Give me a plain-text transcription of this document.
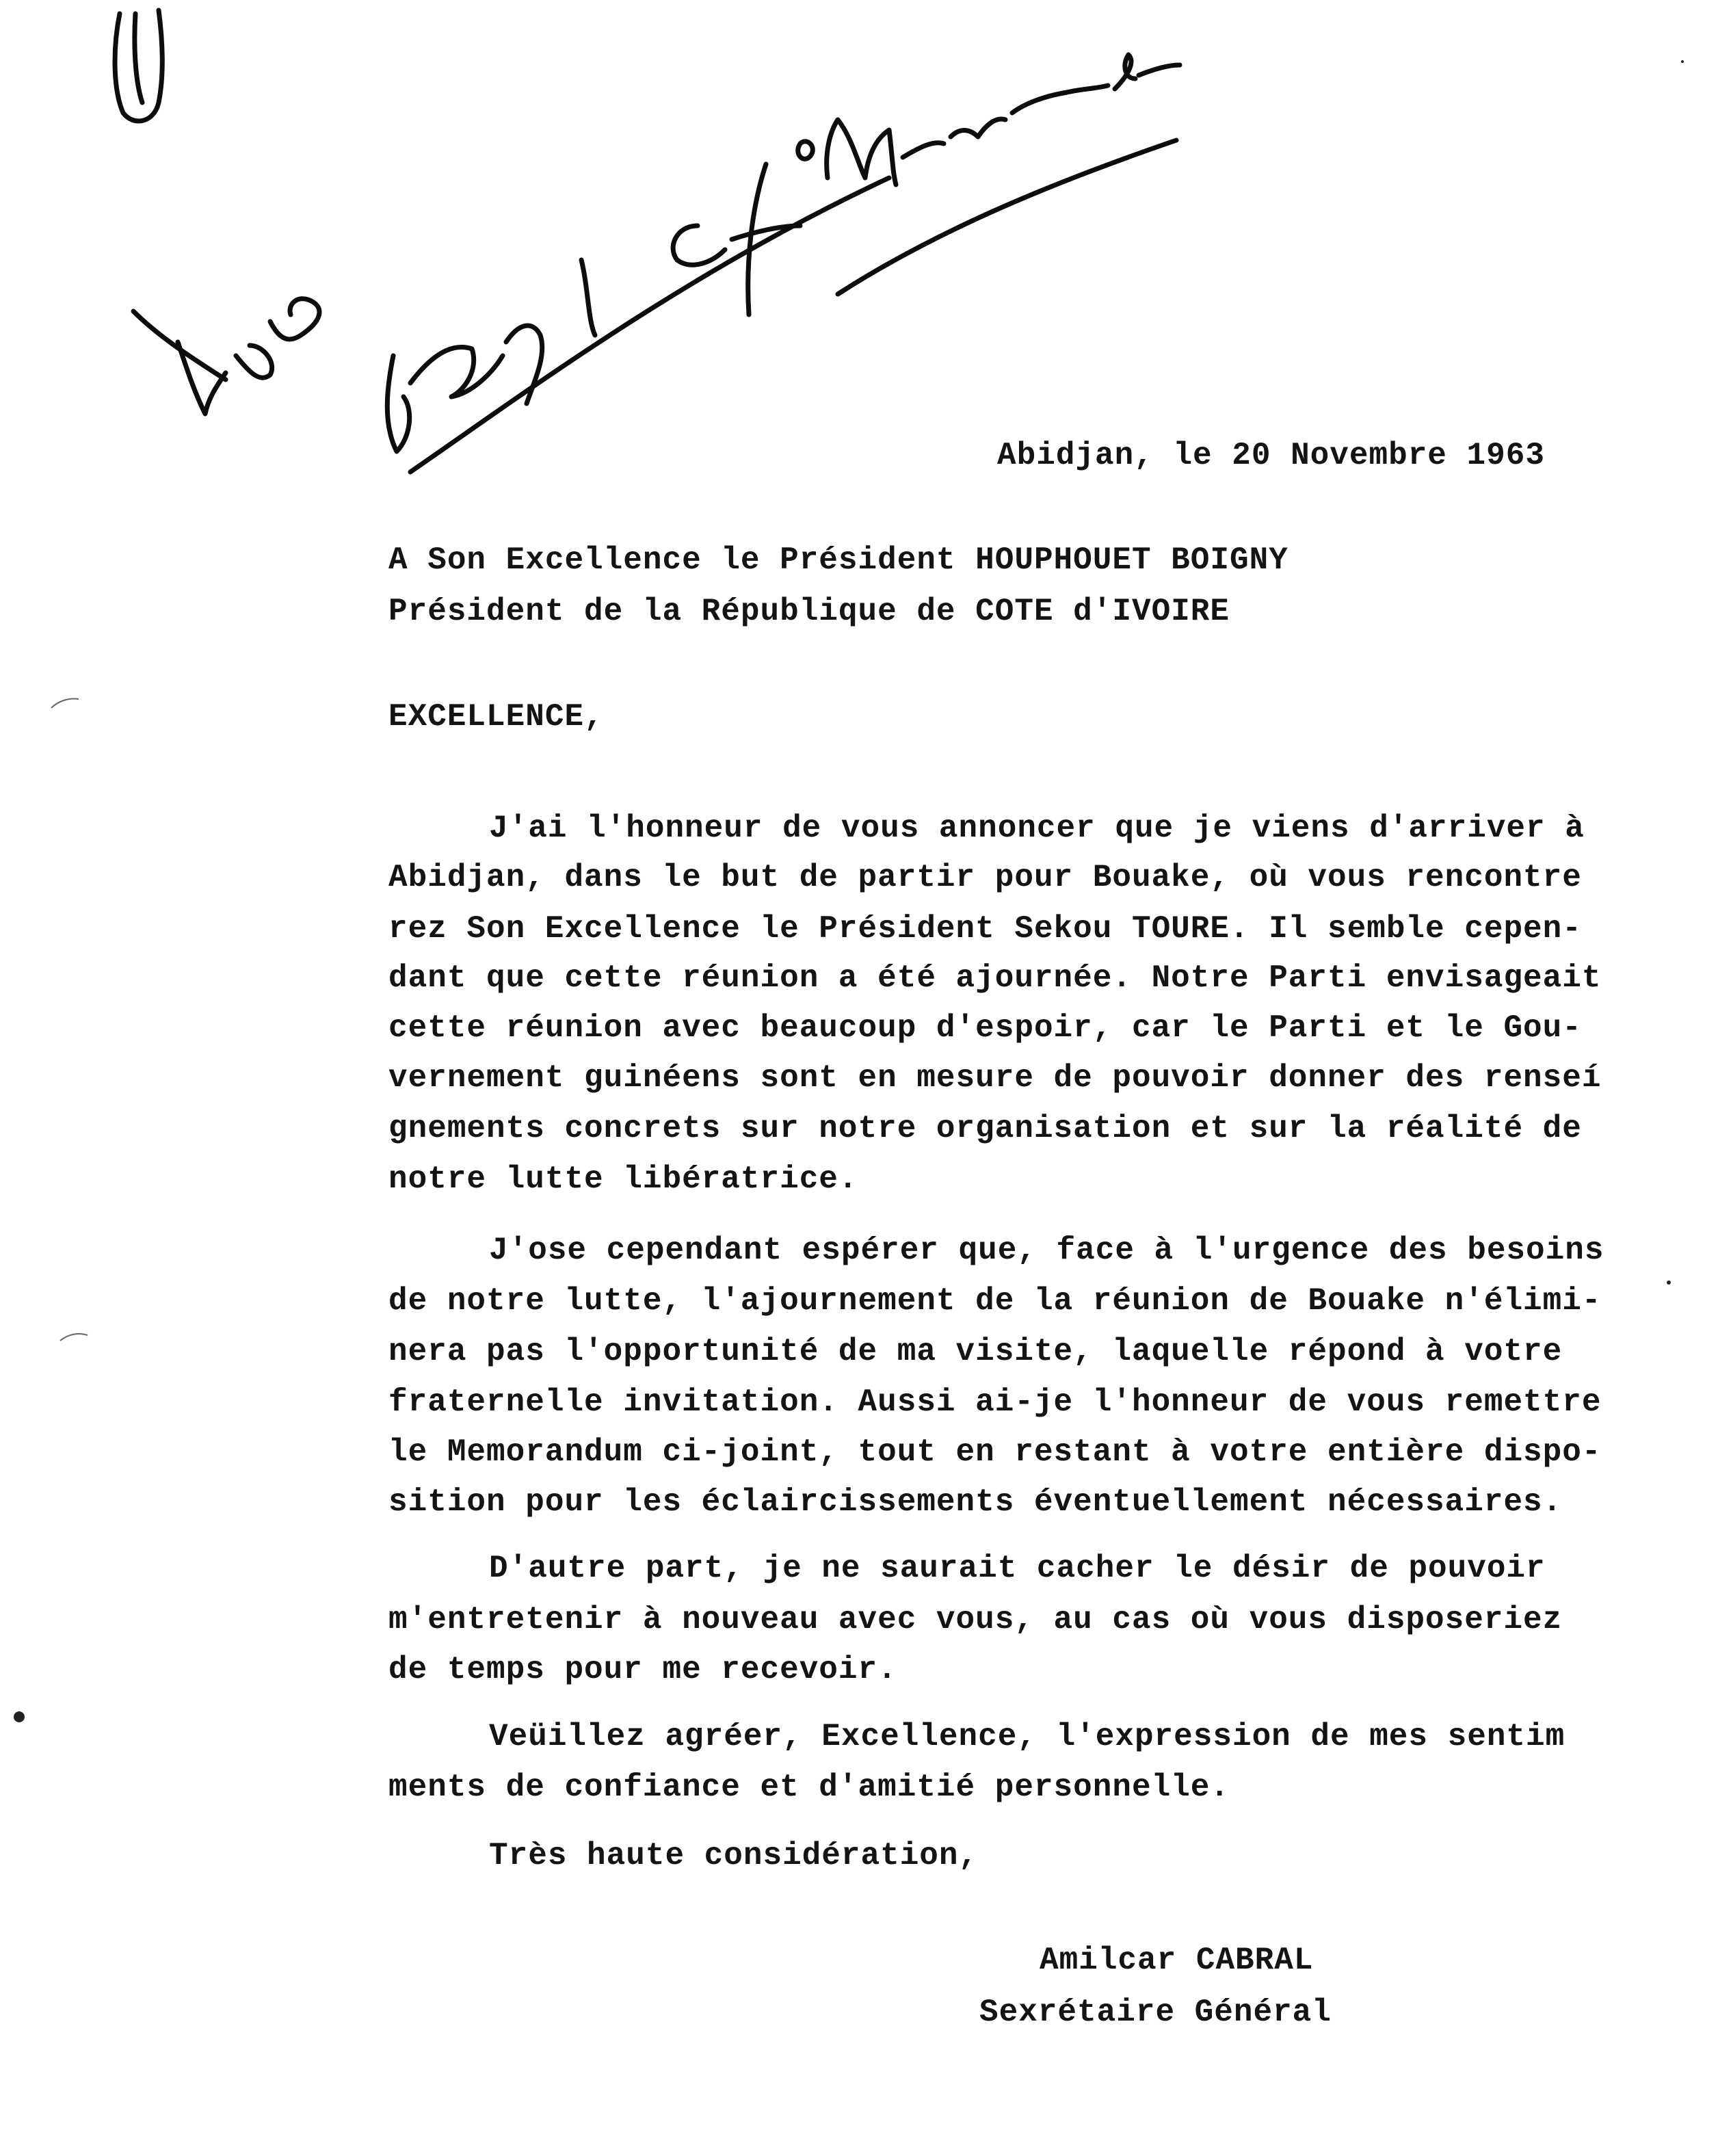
Abidjan, le 20 Novembre 1963

A Son Excellence le Président HOUPHOUET BOIGNY

Président de la République de COTE d'IVOIRE

EXCELLENCE,

J'ai l'honneur de vous annoncer que je viens d'arriver à

Abidjan, dans le but de partir pour Bouake, où vous rencontre

rez Son Excellence le Président Sekou TOURE. Il semble cepen-

dant que cette réunion a été ajournée. Notre Parti envisageait

cette réunion avec beaucoup d'espoir, car le Parti et le Gou-

vernement guinéens sont en mesure de pouvoir donner des renseí

gnements concrets sur notre organisation et sur la réalité de

notre lutte libératrice.

J'ose cependant espérer que, face à l'urgence des besoins

de notre lutte, l'ajournement de la réunion de Bouake n'élimi-

nera pas l'opportunité de ma visite, laquelle répond à votre

fraternelle invitation. Aussi ai-je l'honneur de vous remettre

le Memorandum ci-joint, tout en restant à votre entière dispo-

sition pour les éclaircissements éventuellement nécessaires.

D'autre part, je ne saurait cacher le désir de pouvoir

m'entretenir à nouveau avec vous, au cas où vous disposeriez

de temps pour me recevoir.

Veüillez agréer, Excellence, l'expression de mes sentim

ments de confiance et d'amitié personnelle.

Très haute considération,

Amilcar CABRAL

Sexrétaire Général
